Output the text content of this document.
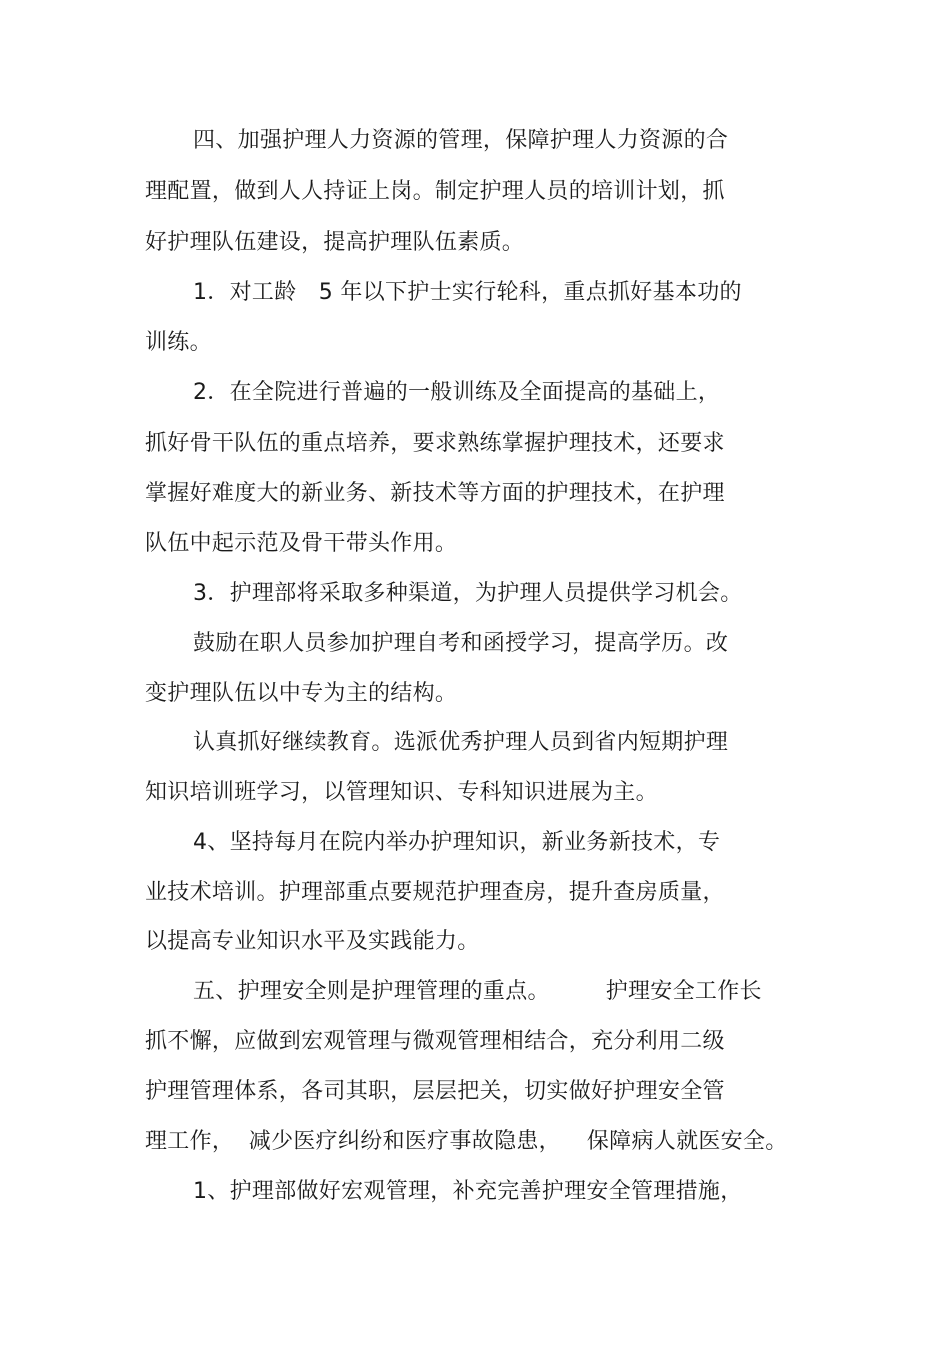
四、加强护理人力资源的管理，保障护理人力资源的合
理配置，做到人人持证上岗。制定护理人员的培训计划，抓
好护理队伍建设，提高护理队伍素质。
1．对工龄　5 年以下护士实行轮科，重点抓好基本功的
训练。
2．在全院进行普遍的一般训练及全面提高的基础上，
抓好骨干队伍的重点培养，要求熟练掌握护理技术，还要求
掌握好难度大的新业务、新技术等方面的护理技术，在护理
队伍中起示范及骨干带头作用。
3．护理部将采取多种渠道，为护理人员提供学习机会。
鼓励在职人员参加护理自考和函授学习，提高学历。改
变护理队伍以中专为主的结构。
认真抓好继续教育。选派优秀护理人员到省内短期护理
知识培训班学习，以管理知识、专科知识进展为主。
4、坚持每月在院内举办护理知识，新业务新技术，专
业技术培训。护理部重点要规范护理查房，提升查房质量，
以提高专业知识水平及实践能力。
五、护理安全则是护理管理的重点。　　　护理安全工作长
抓不懈，应做到宏观管理与微观管理相结合，充分利用二级
护理管理体系，各司其职，层层把关，切实做好护理安全管
理工作，  减少医疗纠纷和医疗事故隐患，　  保障病人就医安全。
1、护理部做好宏观管理，补充完善护理安全管理措施，
